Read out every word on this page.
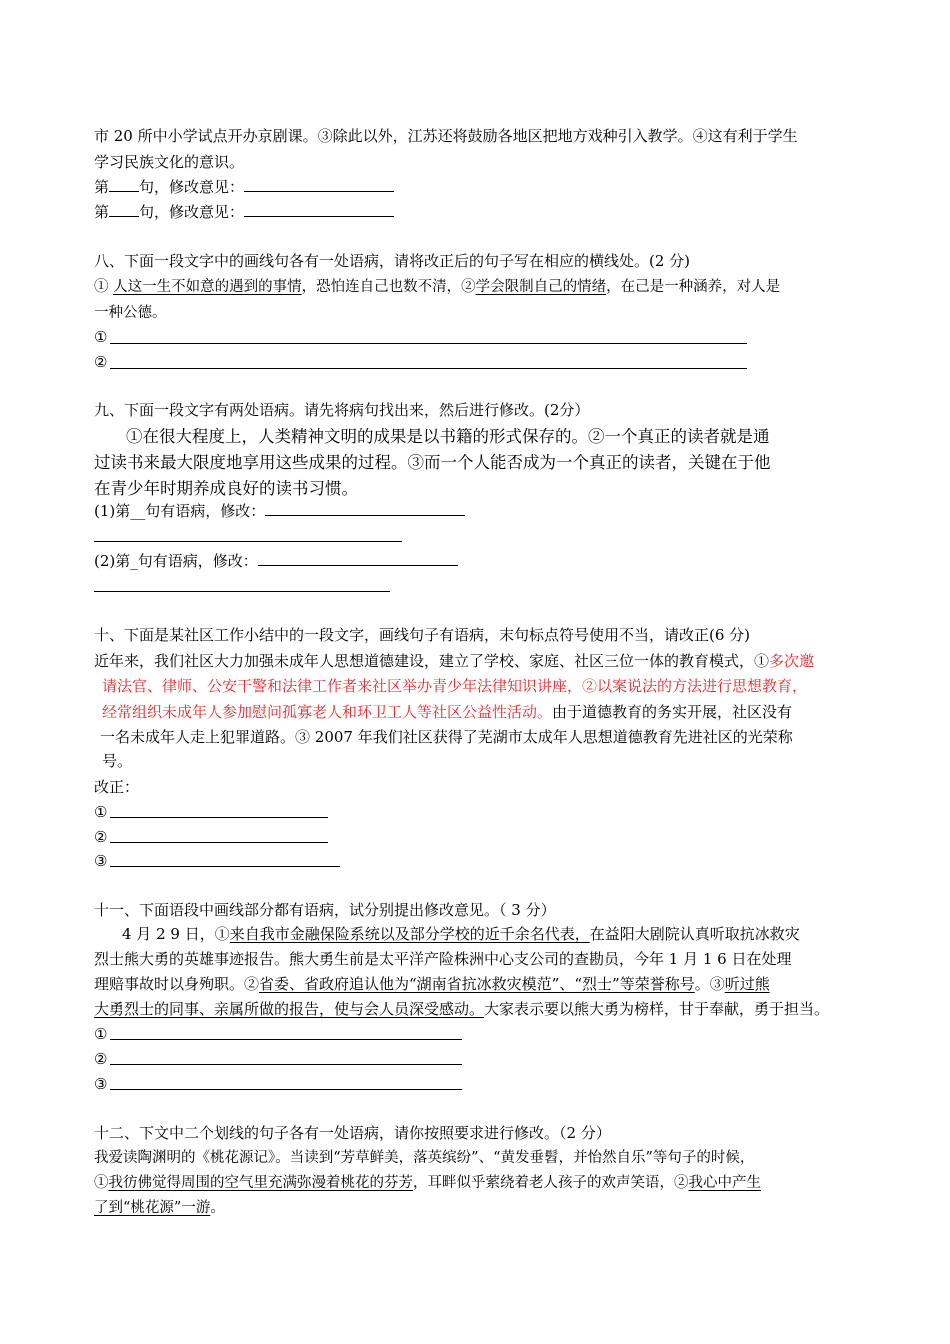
市 20 所中小学试点开办京剧课。③除此以外，江苏还将鼓励各地区把地方戏种引入教学。④这有利于学生
学习民族文化的意识。
第 句，修改意见：
第 句，修改意见：
八、下面一段文字中的画线句各有一处语病，请将改正后的句子写在相应的横线处。(2 分)
① 人这一生不如意的遇到的事情，恐怕连自己也数不清，②学会限制自己的情绪，在己是一种涵养，对人是
一种公德。
①
②
九、下面一段文字有两处语病。请先将病句找出来，然后进行修改。(2分）
①在很大程度上，人类精神文明的成果是以书籍的形式保存的。②一个真正的读者就是通
过读书来最大限度地享用这些成果的过程。③而一个人能否成为一个真正的读者，关键在于他
在青少年时期养成良好的读书习惯。
(1)第__句有语病，修改：
(2)第_句有语病，修改：
十、下面是某社区工作小结中的一段文字，画线句子有语病，末句标点符号使用不当，请改正(6 分)
近年来，我们社区大力加强未成年人思想道德建设，建立了学校、家庭、社区三位一体的教育模式，①多次邀
请法官、律师、公安干警和法律工作者来社区举办青少年法律知识讲座，②以案说法的方法进行思想教育，
经常组织未成年人参加慰问孤寡老人和环卫工人等社区公益性活动。由于道德教育的务实开展，社区没有
一名未成年人走上犯罪道路。③ 2007 年我们社区获得了芜湖市太成年人思想道德教育先进社区的光荣称
号。
改正：
①
②
③
十一、下面语段中画线部分都有语病，试分别提出修改意见。（ 3 分）
4 月 2 9 日，①来自我市金融保险系统以及部分学校的近千余名代表，在益阳大剧院认真听取抗冰救灾
烈士熊大勇的英雄事迹报告。熊大勇生前是太平洋产险株洲中心支公司的查勘员，今年 1 月 1 6 日在处理
理赔事故时以身殉职。②省委、省政府追认他为“湖南省抗冰救灾模范”、“烈士”等荣誉称号。③听过熊
大勇烈士的同事、亲属所做的报告，使与会人员深受感动。大家表示要以熊大勇为榜样，甘于奉献，勇于担当。
①
②
③
十二、下文中二个划线的句子各有一处语病，请你按照要求进行修改。（2 分）
我爱读陶渊明的《桃花源记》。当读到“芳草鲜美，落英缤纷”、“黄发垂髫，并怡然自乐”等句子的时候，
①我彷佛觉得周围的空气里充满弥漫着桃花的芬芳，耳畔似乎萦绕着老人孩子的欢声笑语，②我心中产生
了到“桃花源”一游。
